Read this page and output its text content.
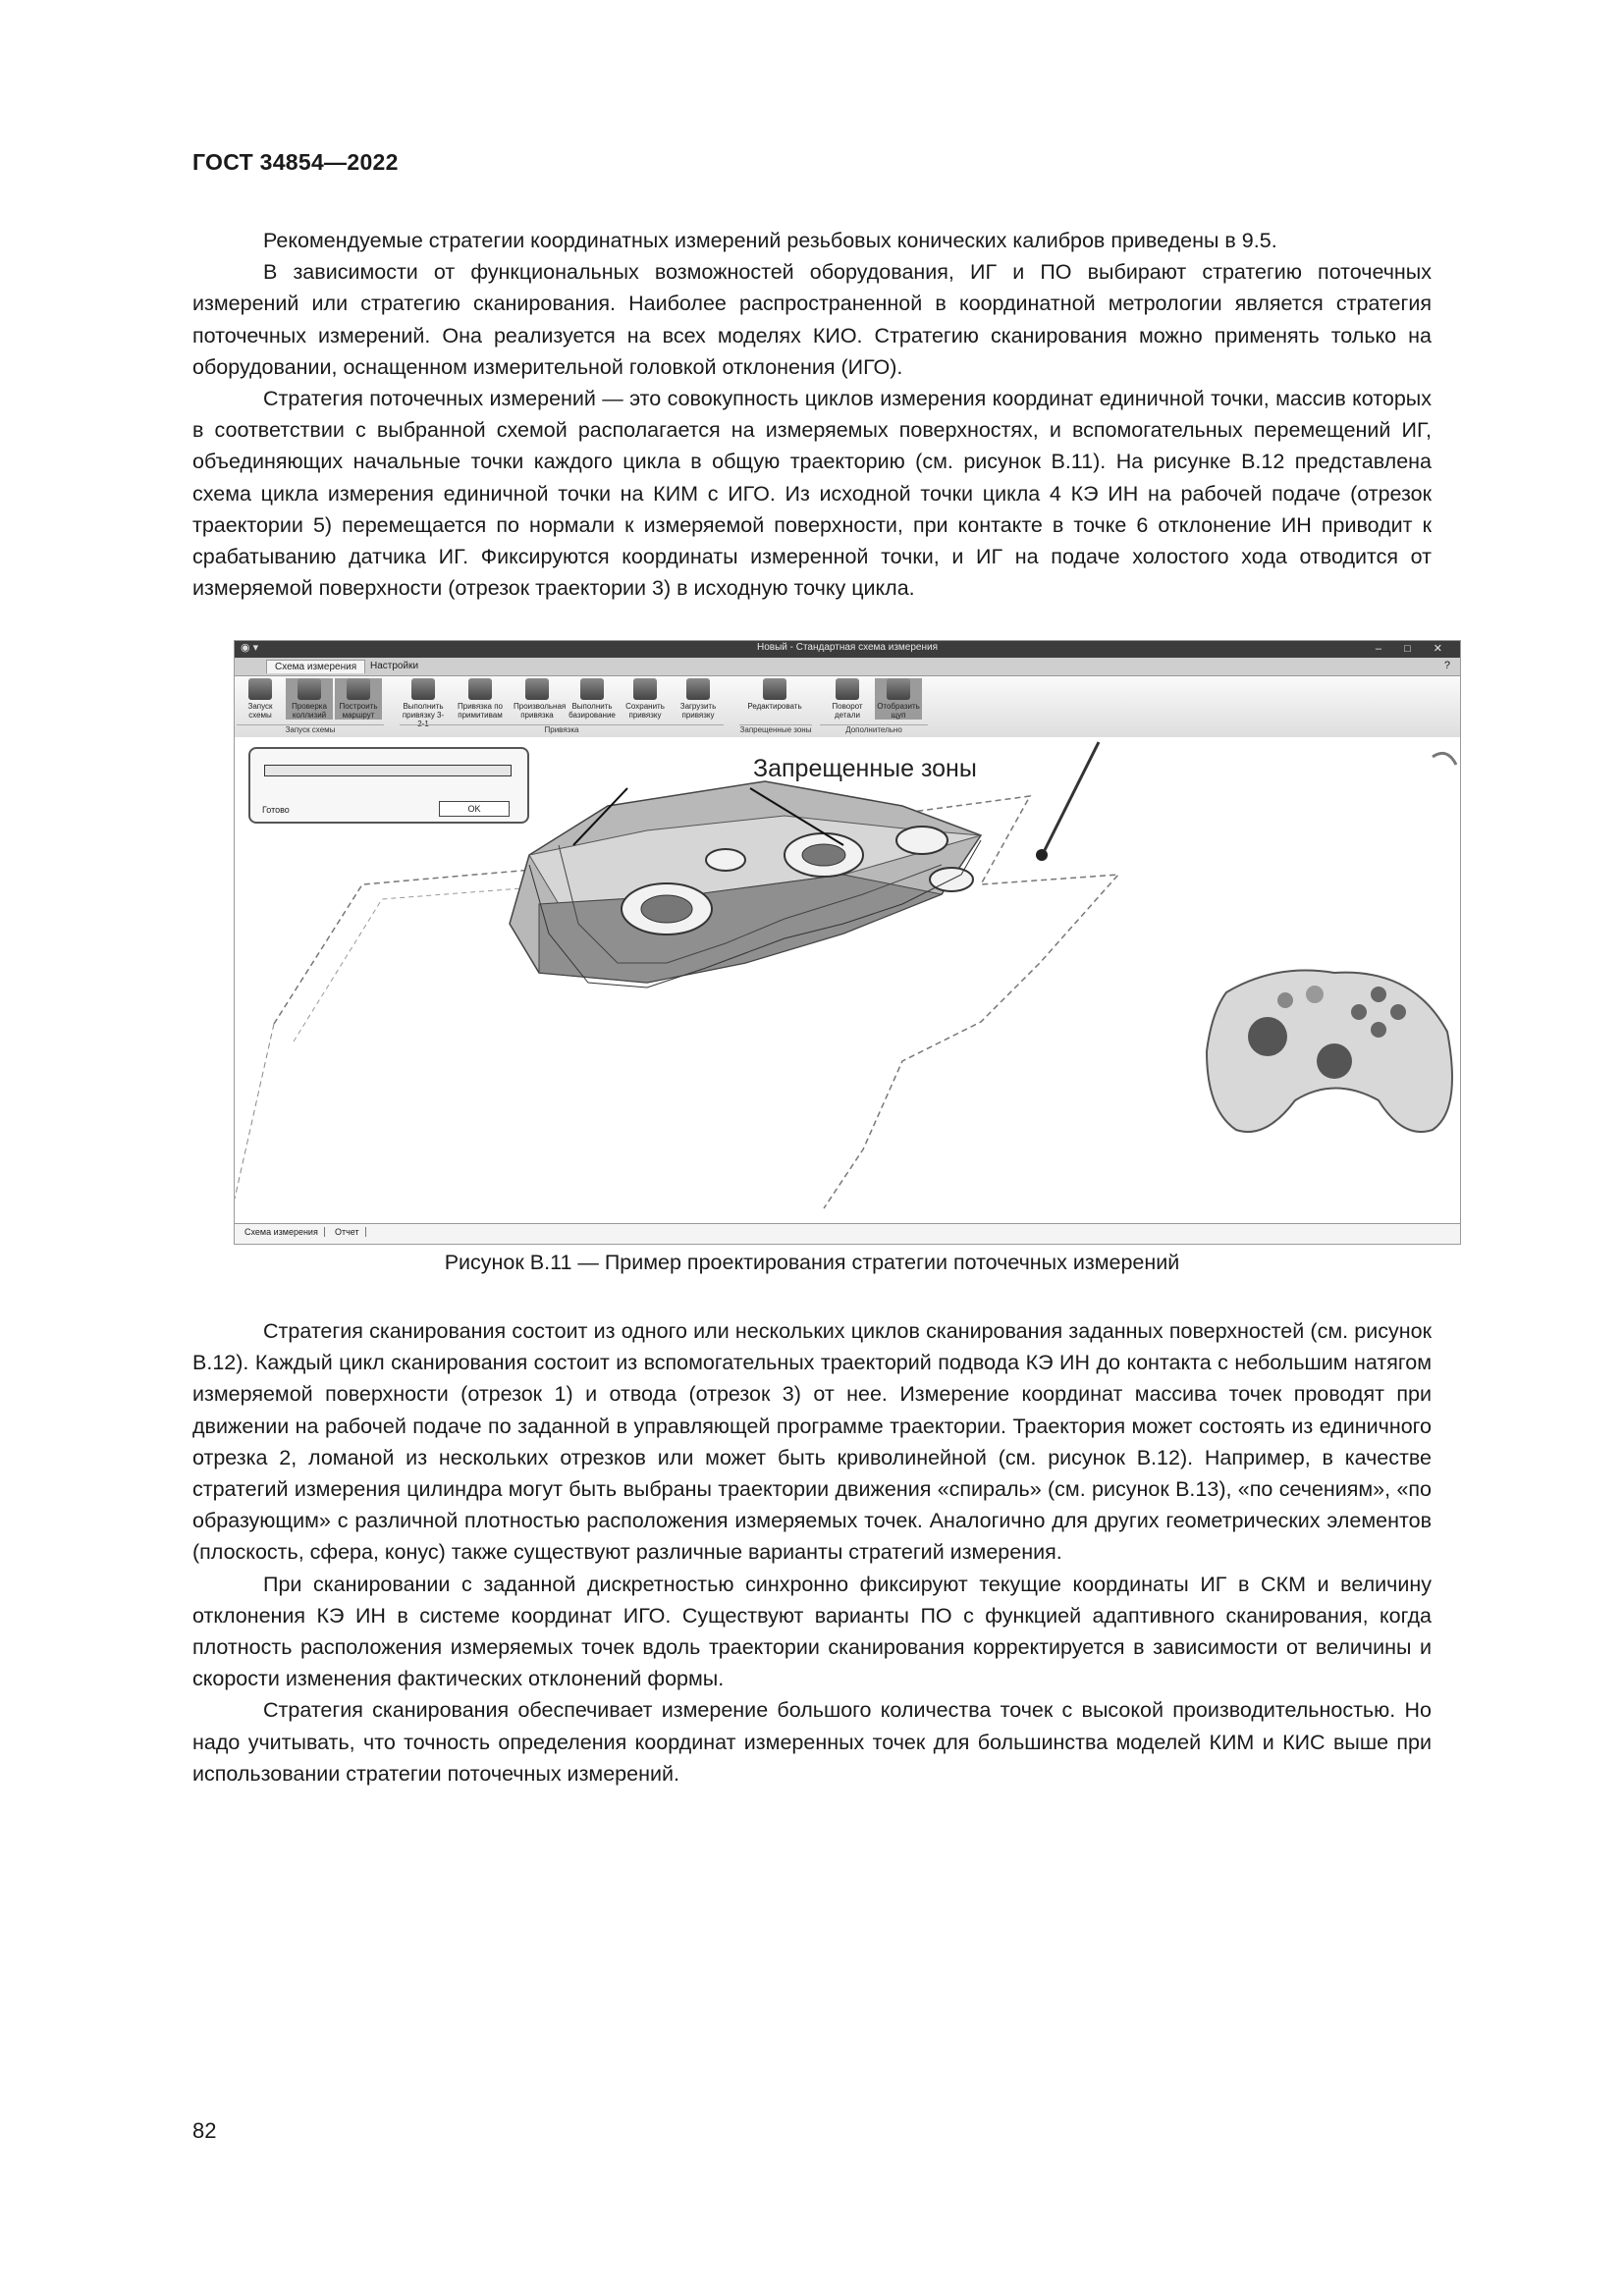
ГОСТ 34854—2022

Рекомендуемые стратегии координатных измерений резьбовых конических калибров приведены в 9.5.

В зависимости от функциональных возможностей оборудования, ИГ и ПО выбирают стратегию поточечных измерений или стратегию сканирования. Наиболее распространенной в координатной метрологии является стратегия поточечных измерений. Она реализуется на всех моделях КИО. Стратегию сканирования можно применять только на оборудовании, оснащенном измерительной головкой отклонения (ИГО).

Стратегия поточечных измерений — это совокупность циклов измерения координат единичной точки, массив которых в соответствии с выбранной схемой располагается на измеряемых поверхностях, и вспомогательных перемещений ИГ, объединяющих начальные точки каждого цикла в общую траекторию (см. рисунок В.11). На рисунке В.12 представлена схема цикла измерения единичной точки на КИМ с ИГО. Из исходной точки цикла 4 КЭ ИН на рабочей подаче (отрезок траектории 5) перемещается по нормали к измеряемой поверхности, при контакте в точке 6 отклонение ИН приводит к срабатыванию датчика ИГ. Фиксируются координаты измеренной точки, и ИГ на подаче холостого хода отводится от измеряемой поверхности (отрезок траектории 3) в исходную точку цикла.

◉ ▾	Новый - Стандартная схема измерения	‒ □ ✕
Схема измерения	Настройки	?
Запуск схемы
Проверка коллизий
Построить маршрут
Выполнить привязку 3-2-1
Привязка по примитивам
Произвольная привязка
Выполнить базирование
Сохранить привязку
Загрузить привязку
Редактировать	Поворот детали
Отобразить щуп
Запуск схемы	Привязка	Запрещенные зоны	Дополнительно
Готово	OK
Запрещенные зоны
Схема измерения	Отчет
Рисунок В.11 — Пример проектирования стратегии поточечных измерений

Стратегия сканирования состоит из одного или нескольких циклов сканирования заданных поверхностей (см. рисунок В.12). Каждый цикл сканирования состоит из вспомогательных траекторий подвода КЭ ИН до контакта с небольшим натягом измеряемой поверхности (отрезок 1) и отвода (отрезок 3) от нее. Измерение координат массива точек проводят при движении на рабочей подаче по заданной в управляющей программе траектории. Траектория может состоять из единичного отрезка 2, ломаной из нескольких отрезков или может быть криволинейной (см. рисунок В.12). Например, в качестве стратегий измерения цилиндра могут быть выбраны траектории движения «спираль» (см. рисунок В.13), «по сечениям», «по образующим» с различной плотностью расположения измеряемых точек. Аналогично для других геометрических элементов (плоскость, сфера, конус) также существуют различные варианты стратегий измерения.

При сканировании с заданной дискретностью синхронно фиксируют текущие координаты ИГ в СКМ и величину отклонения КЭ ИН в системе координат ИГО. Существуют варианты ПО с функцией адаптивного сканирования, когда плотность расположения измеряемых точек вдоль траектории сканирования корректируется в зависимости от величины и скорости изменения фактических отклонений формы.

Стратегия сканирования обеспечивает измерение большого количества точек с высокой производительностью. Но надо учитывать, что точность определения координат измеренных точек для большинства моделей КИМ и КИС выше при использовании стратегии поточечных измерений.

82
